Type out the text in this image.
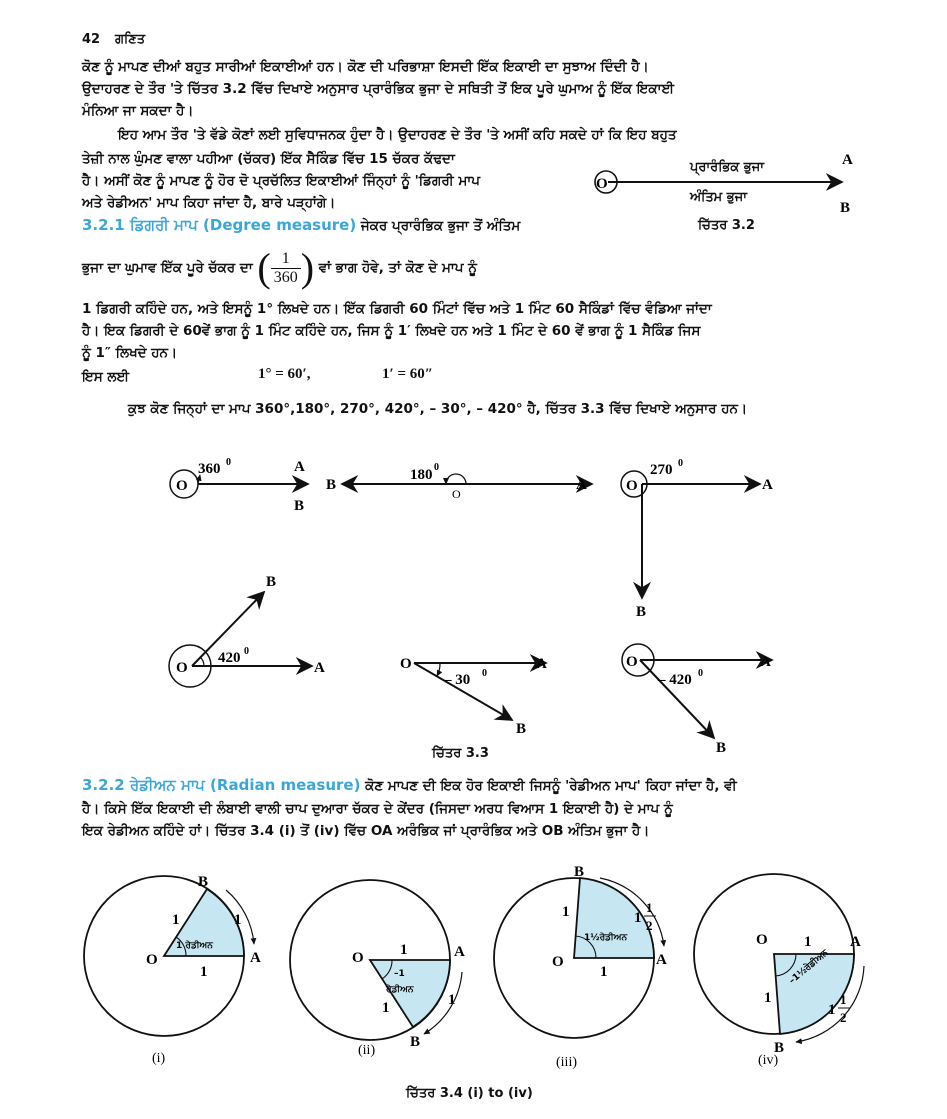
42 ਗਣਿਤ
ਕੋਣ ਨੂੰ ਮਾਪਣ ਦੀਆਂ ਬਹੁਤ ਸਾਰੀਆਂ ਇਕਾਈਆਂ ਹਨ। ਕੋਣ ਦੀ ਪਰਿਭਾਸ਼ਾ ਇਸਦੀ ਇੱਕ ਇਕਾਈ ਦਾ ਸੁਝਾਅ ਦਿੰਦੀ ਹੈ।
ਉਦਾਹਰਣ ਦੇ ਤੌਰ 'ਤੇ ਚਿੱਤਰ 3.2 ਵਿੱਚ ਦਿਖਾਏ ਅਨੁਸਾਰ ਪ੍ਰਾਰੰਭਿਕ ਭੁਜਾ ਦੇ ਸਥਿਤੀ ਤੋਂ ਇਕ ਪੂਰੇ ਘੁਮਾਅ ਨੂੰ ਇੱਕ ਇਕਾਈ
ਮੰਨਿਆ ਜਾ ਸਕਦਾ ਹੈ।
ਇਹ ਆਮ ਤੌਰ 'ਤੇ ਵੱਡੇ ਕੋਣਾਂ ਲਈ ਸੁਵਿਧਾਜਨਕ ਹੁੰਦਾ ਹੈ। ਉਦਾਹਰਣ ਦੇ ਤੌਰ 'ਤੇ ਅਸੀਂ ਕਹਿ ਸਕਦੇ ਹਾਂ ਕਿ ਇਹ ਬਹੁਤ
ਤੇਜ਼ੀ ਨਾਲ ਘੁੰਮਣ ਵਾਲਾ ਪਹੀਆ (ਚੱਕਰ) ਇੱਕ ਸੈਕਿੰਡ ਵਿੱਚ 15 ਚੱਕਰ ਕੱਢਦਾ
ਹੈ। ਅਸੀਂ ਕੋਣ ਨੂੰ ਮਾਪਣ ਨੂੰ ਹੋਰ ਦੋ ਪ੍ਰਚੱਲਿਤ ਇਕਾਈਆਂ ਜਿੰਨ੍ਹਾਂ ਨੂੰ 'ਡਿਗਰੀ ਮਾਪ
ਅਤੇ ਰੇਡੀਅਨ' ਮਾਪ ਕਿਹਾ ਜਾਂਦਾ ਹੈ, ਬਾਰੇ ਪੜ੍ਹਾਂਗੇ।
3.2.1 ਡਿਗਰੀ ਮਾਪ (Degree measure) ਜੇਕਰ ਪ੍ਰਾਰੰਭਿਕ ਭੁਜਾ ਤੋਂ ਅੰਤਿਮ
ਪ੍ਰਾਰੰਭਿਕ ਭੁਜਾ
ਅੰਤਿਮ ਭੁਜਾ
ਚਿੱਤਰ 3.2
ਭੁਜਾ ਦਾ ਘੁਮਾਵ ਇੱਕ ਪੂਰੇ ਚੱਕਰ ਦਾ ( $\frac{1}{360}$ ) ਵਾਂ ਭਾਗ ਹੋਵੇ, ਤਾਂ ਕੋਣ ਦੇ ਮਾਪ ਨੂੰ
1 ਡਿਗਰੀ ਕਹਿੰਦੇ ਹਨ, ਅਤੇ ਇਸਨੂੰ 1° ਲਿਖਦੇ ਹਨ। ਇੱਕ ਡਿਗਰੀ 60 ਮਿੰਟਾਂ ਵਿੱਚ ਅਤੇ 1 ਮਿੰਟ 60 ਸੈਕਿੰਡਾਂ ਵਿੱਚ ਵੰਡਿਆ ਜਾਂਦਾ
ਹੈ। ਇਕ ਡਿਗਰੀ ਦੇ 60ਵੇਂ ਭਾਗ ਨੂੰ 1 ਮਿੰਟ ਕਹਿੰਦੇ ਹਨ, ਜਿਸ ਨੂੰ 1′ ਲਿਖਦੇ ਹਨ ਅਤੇ 1 ਮਿੰਟ ਦੇ 60 ਵੇਂ ਭਾਗ ਨੂੰ 1 ਸੈਕਿੰਡ ਜਿਸ
ਨੂੰ 1″ ਲਿਖਦੇ ਹਨ।
ਇਸ ਲਈ	1° = 60′,	1′ = 60″
ਕੁਝ ਕੋਣ ਜਿਨ੍ਹਾਂ ਦਾ ਮਾਪ 360°,180°, 270°, 420°, – 30°, – 420° ਹੈ, ਚਿੱਤਰ 3.3 ਵਿੱਚ ਦਿਖਾਏ ਅਨੁਸਾਰ ਹਨ।
O
A
B
O
360 0	A
B
B	A
180 0
O	O
270 0
A
B
O
420 0
A
B
O
– 30 0
A
B
O
– 420 0
A
B
O	A
B
1	1
1
1 ਰੇਡੀਅਨ
(i)
O	A
B
1
1	1
–1
ਰੇਡੀਅਨ
(ii)
O	A
B
1
1
1
1
2
1½ਰੇਡੀਅਨ
(iii)
O	A
B
1
1
1
1
2
–1½ਰੇਡੀਅਨ
(iv)
ਚਿੱਤਰ 3.3
3.2.2 ਰੇਡੀਅਨ ਮਾਪ (Radian measure) ਕੋਣ ਮਾਪਣ ਦੀ ਇਕ ਹੋਰ ਇਕਾਈ ਜਿਸਨੂੰ 'ਰੇਡੀਅਨ ਮਾਪ' ਕਿਹਾ ਜਾਂਦਾ ਹੈ, ਵੀ
ਹੈ। ਕਿਸੇ ਇੱਕ ਇਕਾਈ ਦੀ ਲੰਬਾਈ ਵਾਲੀ ਚਾਪ ਦੁਆਰਾ ਚੱਕਰ ਦੇ ਕੇਂਦਰ (ਜਿਸਦਾ ਅਰਧ ਵਿਆਸ 1 ਇਕਾਈ ਹੈ) ਦੇ ਮਾਪ ਨੂੰ
ਇਕ ਰੇਡੀਅਨ ਕਹਿੰਦੇ ਹਾਂ। ਚਿੱਤਰ 3.4 (i) ਤੋਂ (iv) ਵਿੱਚ OA ਅਰੰਭਿਕ ਜਾਂ ਪ੍ਰਾਰੰਭਿਕ ਅਤੇ OB ਅੰਤਿਮ ਭੁਜਾ ਹੈ।
ਚਿੱਤਰ 3.4 (i) to (iv)
